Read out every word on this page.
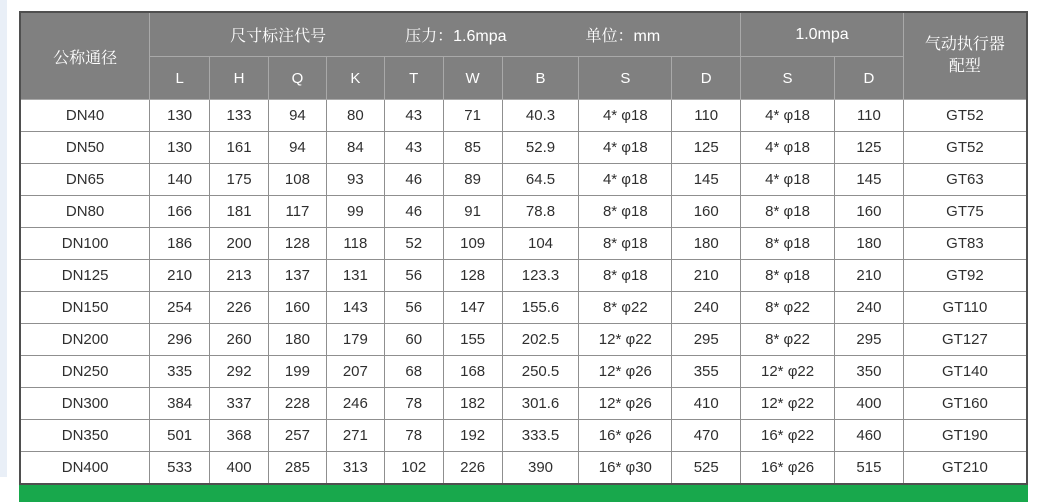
公称通径	尺寸标注代号 压力：1.6mpa 单位：mm									1.0mpa		气动执行器
配型
	L	H	Q	K	T	W	B	S	D	S	D	
DN40	130	133	94	80	43	71	40.3	4* φ18	110	4* φ18	110	GT52
DN50	130	161	94	84	43	85	52.9	4* φ18	125	4* φ18	125	GT52
DN65	140	175	108	93	46	89	64.5	4* φ18	145	4* φ18	145	GT63
DN80	166	181	117	99	46	91	78.8	8* φ18	160	8* φ18	160	GT75
DN100	186	200	128	118	52	109	104	8* φ18	180	8* φ18	180	GT83
DN125	210	213	137	131	56	128	123.3	8* φ18	210	8* φ18	210	GT92
DN150	254	226	160	143	56	147	155.6	8* φ22	240	8* φ22	240	GT110
DN200	296	260	180	179	60	155	202.5	12* φ22	295	8* φ22	295	GT127
DN250	335	292	199	207	68	168	250.5	12* φ26	355	12* φ22	350	GT140
DN300	384	337	228	246	78	182	301.6	12* φ26	410	12* φ22	400	GT160
DN350	501	368	257	271	78	192	333.5	16* φ26	470	16* φ22	460	GT190
DN400	533	400	285	313	102	226	390	16* φ30	525	16* φ26	515	GT210
